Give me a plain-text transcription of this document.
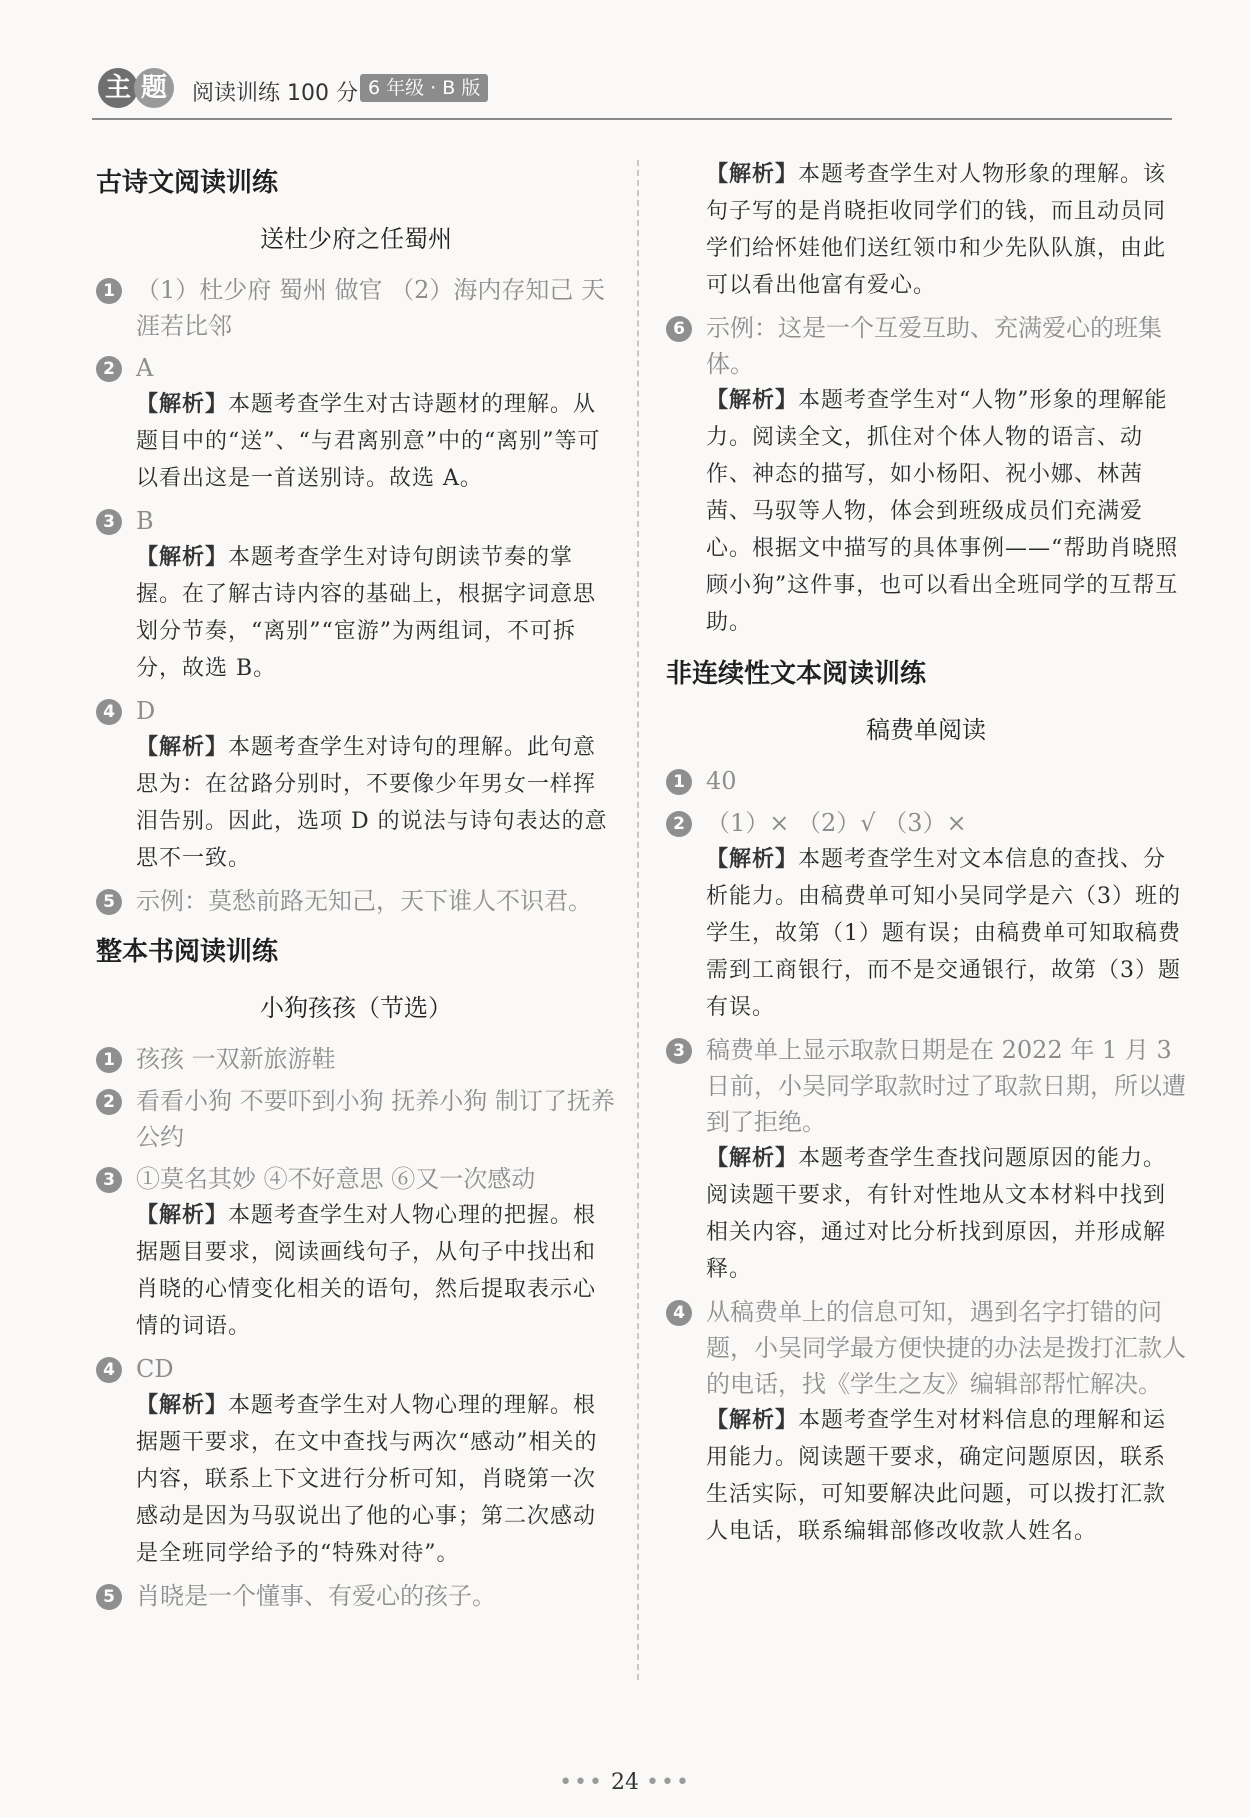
主 题	阅读训练 100 分 6 年级 · B 版
古诗文阅读训练
送杜少府之任蜀州
1 （1）杜少府 蜀州 做官 （2）海内存知己 天涯若比邻
2 A
【解析】本题考查学生对古诗题材的理解。从题目中的“送”、“与君离别意”中的“离别”等可以看出这是一首送别诗。故选 A。
3 B
【解析】本题考查学生对诗句朗读节奏的掌握。在了解古诗内容的基础上，根据字词意思划分节奏，“离别”“宦游”为两组词，不可拆分，故选 B。
4 D
【解析】本题考查学生对诗句的理解。此句意思为：在岔路分别时，不要像少年男女一样挥泪告别。因此，选项 D 的说法与诗句表达的意思不一致。
5 示例：莫愁前路无知己，天下谁人不识君。
整本书阅读训练
小狗孩孩（节选）
1 孩孩 一双新旅游鞋
2 看看小狗 不要吓到小狗 抚养小狗 制订了抚养公约
3 ①莫名其妙 ④不好意思 ⑥又一次感动
【解析】本题考查学生对人物心理的把握。根据题目要求，阅读画线句子，从句子中找出和肖晓的心情变化相关的语句，然后提取表示心情的词语。
4 CD
【解析】本题考查学生对人物心理的理解。根据题干要求，在文中查找与两次“感动”相关的内容，联系上下文进行分析可知，肖晓第一次感动是因为马驭说出了他的心事；第二次感动是全班同学给予的“特殊对待”。
5 肖晓是一个懂事、有爱心的孩子。
【解析】本题考查学生对人物形象的理解。该句子写的是肖晓拒收同学们的钱，而且动员同学们给怀娃他们送红领巾和少先队队旗，由此可以看出他富有爱心。
6 示例：这是一个互爱互助、充满爱心的班集体。
【解析】本题考查学生对“人物”形象的理解能力。阅读全文，抓住对个体人物的语言、动作、神态的描写，如小杨阳、祝小娜、林茜茜、马驭等人物，体会到班级成员们充满爱心。根据文中描写的具体事例——“帮助肖晓照顾小狗”这件事，也可以看出全班同学的互帮互助。
非连续性文本阅读训练
稿费单阅读
1 40
2 （1）× （2）√ （3）×
【解析】本题考查学生对文本信息的查找、分析能力。由稿费单可知小吴同学是六（3）班的学生，故第（1）题有误；由稿费单可知取稿费需到工商银行，而不是交通银行，故第（3）题有误。
3 稿费单上显示取款日期是在 2022 年 1 月 3 日前，小吴同学取款时过了取款日期，所以遭到了拒绝。
【解析】本题考查学生查找问题原因的能力。阅读题干要求，有针对性地从文本材料中找到相关内容，通过对比分析找到原因，并形成解释。
4 从稿费单上的信息可知，遇到名字打错的问题，小吴同学最方便快捷的办法是拨打汇款人的电话，找《学生之友》编辑部帮忙解决。
【解析】本题考查学生对材料信息的理解和运用能力。阅读题干要求，确定问题原因，联系生活实际，可知要解决此问题，可以拨打汇款人电话，联系编辑部修改收款人姓名。
••• 24 •••
